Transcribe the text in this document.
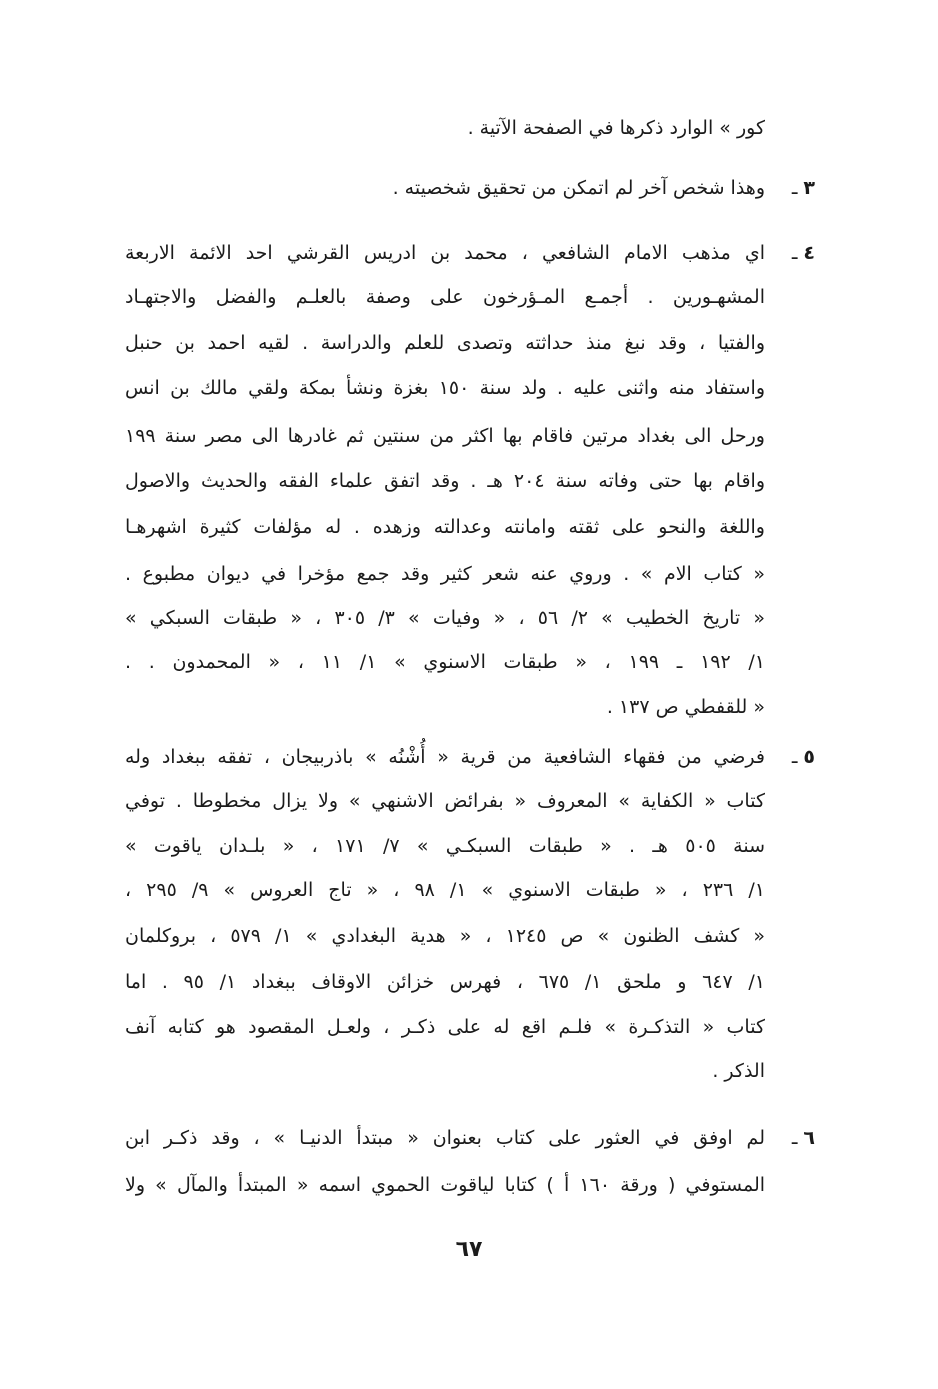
كور » الوارد ذكرها في الصفحة الآتية .
٣ـ
وهذا شخص آخر لم اتمكن من تحقيق شخصيته .
٤ـ
اي مذهب الامام الشافعي ، محمد بن ادريس القرشي احد الائمة الاربعة
المشهـورين . أجمـع المـؤرخون على وصفة بالعلـم والفضل والاجتهـاد
والفتيا ، وقد نبغ منذ حداثته وتصدى للعلم والدراسة . لقيه احمد بن حنبل
واستفاد منه واثنى عليه . ولد سنة ١٥٠ بغزة ونشأ بمكة ولقي مالك بن انس
ورحل الى بغداد مرتين فاقام بها اكثر من سنتين ثم غادرها الى مصر سنة ١٩٩
واقام بها حتى وفاته سنة ٢٠٤ هـ . وقد اتفق علماء الفقه والحديث والاصول
واللغة والنحو على ثقته وامانته وعدالته وزهده . له مؤلفات كثيرة اشهرهـا
« كتاب الام » . وروي عنه شعر كثير وقد جمع مؤخرا في ديوان مطبوع .
« تاريخ الخطيب » ٢/ ٥٦ ، « وفيات » ٣/ ٣٠٥ ، « طبقات السبكي »
١/ ١٩٢ ـ ١٩٩ ، « طبقات الاسنوي » ١/ ١١ ، « المحمدون . .
« للقفطي ص ١٣٧ .
٥ـ
فرضي من فقهاء الشافعية من قرية « أُشْنُه » باذربيجان ، تفقه ببغداد وله
كتاب « الكفاية » المعروف « بفرائض الاشنهي » ولا يزال مخطوطا . توفي
سنة ٥٠٥ هـ . « طبقات السبكـي » ٧/ ١٧١ ، « بلـدان ياقوت »
١/ ٢٣٦ ، « طبقات الاسنوي » ١/ ٩٨ ، « تاج العروس » ٩/ ٢٩٥ ،
« كشف الظنون » ص ١٢٤٥ ، « هدية البغدادي » ١/ ٥٧٩ ، بروكلمان
١/ ٦٤٧ و ملحق ١/ ٦٧٥ ، فهرس خزائن الاوقاف ببغداد ١/ ٩٥ . اما
كتاب « التذكـرة » فلـم اقع له على ذكـر ، ولعـل المقصود هو كتابه آنف
الذكر .
٦ـ
لم اوفق في العثور على كتاب بعنوان « مبتدأ الدنيـا » ، وقد ذكـر ابن
المستوفي ( ورقة ١٦٠ أ ) كتابا لياقوت الحموي اسمه « المبتدأ والمآل » ولا
٦٧
